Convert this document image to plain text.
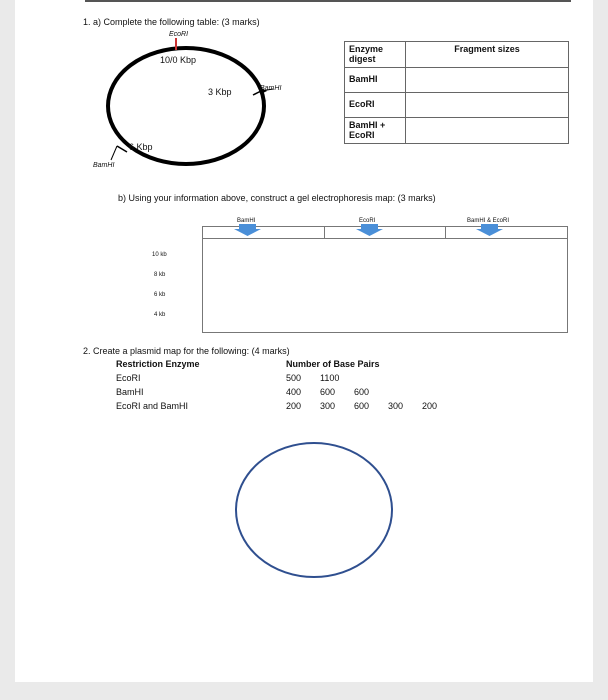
1. a) Complete the following table: (3 marks)
EcoRI
10/0 Kbp
3 Kbp	BamHI
6 Kbp
BamHI
Enzyme
digest	Fragment sizes

BamHI	

EcoRI	

BamHI +
EcoRI	

b) Using your information above, construct a gel electrophoresis map: (3 marks)
BamHI	EcoRI	BamHI & EcoRI
10 kb
8 kb
6 kb
4 kb
2. Create a plasmid map for the following: (4 marks)
Restriction Enzyme	Number of Base Pairs
EcoRI	500 1100
BamHI	400 600 600
EcoRI and BamHI	200 300 600 300 200
